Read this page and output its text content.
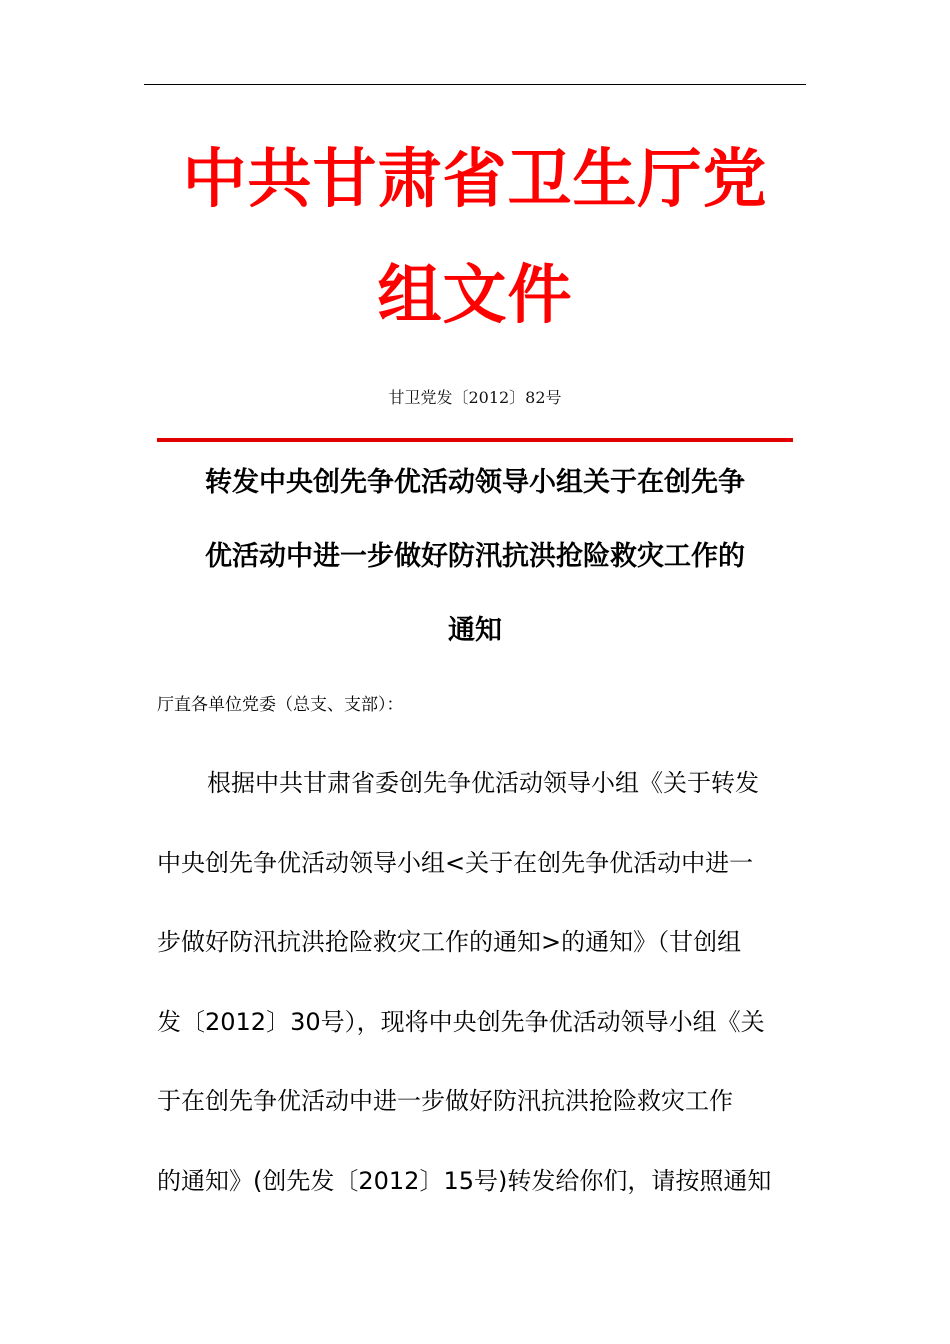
中共甘肃省卫生厅党
组文件
甘卫党发〔2012〕82号
转发中央创先争优活动领导小组关于在创先争
优活动中进一步做好防汛抗洪抢险救灾工作的
通知
厅直各单位党委（总支、支部）：
根据中共甘肃省委创先争优活动领导小组《关于转发
中央创先争优活动领导小组<关于在创先争优活动中进一
步做好防汛抗洪抢险救灾工作的通知>的通知》（甘创组
发〔2012〕30号），现将中央创先争优活动领导小组《关
于在创先争优活动中进一步做好防汛抗洪抢险救灾工作
的通知》(创先发〔2012〕15号)转发给你们，请按照通知
